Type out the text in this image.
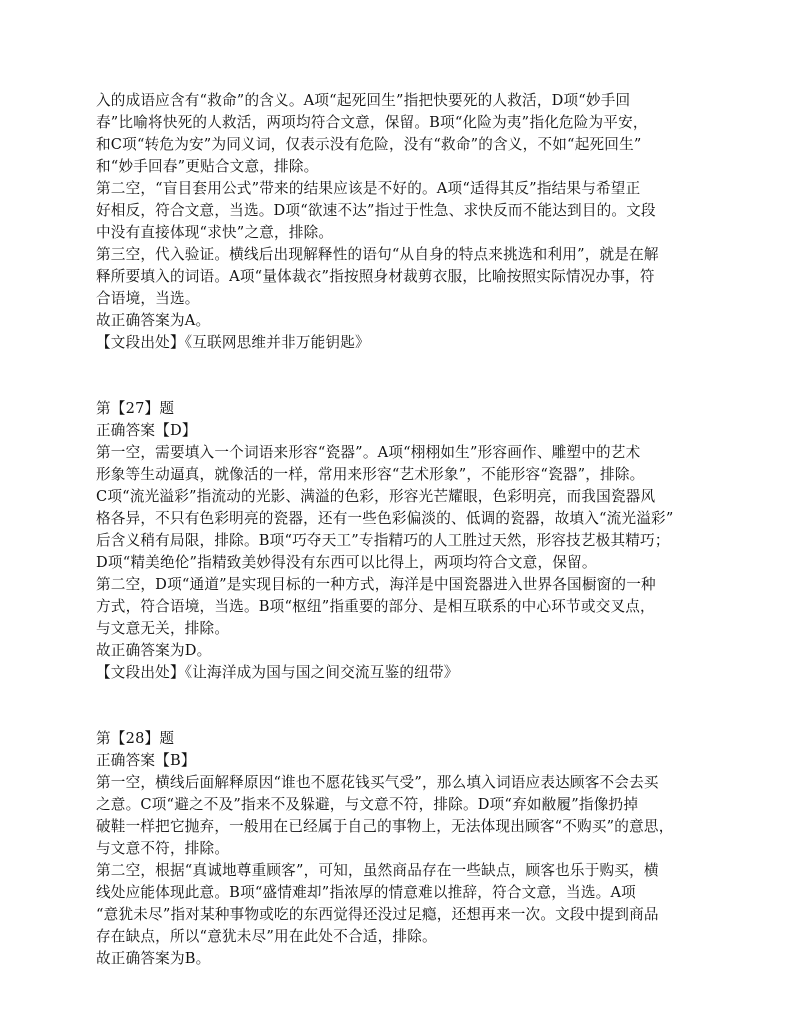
入的成语应含有“救命”的含义。A项“起死回生”指把快要死的人救活，D项“妙手回
春”比喻将快死的人救活，两项均符合文意，保留。B项“化险为夷”指化危险为平安，
和C项“转危为安”为同义词，仅表示没有危险，没有“救命”的含义，不如“起死回生”
和“妙手回春”更贴合文意，排除。
第二空，“盲目套用公式”带来的结果应该是不好的。A项“适得其反”指结果与希望正
好相反，符合文意，当选。D项“欲速不达”指过于性急、求快反而不能达到目的。文段
中没有直接体现“求快”之意，排除。
第三空，代入验证。横线后出现解释性的语句“从自身的特点来挑选和利用”，就是在解
释所要填入的词语。A项“量体裁衣”指按照身材裁剪衣服，比喻按照实际情况办事，符
合语境，当选。
故正确答案为A。
【文段出处】《互联网思维并非万能钥匙》
第【27】题
正确答案【D】
第一空，需要填入一个词语来形容“瓷器”。A项“栩栩如生”形容画作、雕塑中的艺术
形象等生动逼真，就像活的一样，常用来形容“艺术形象”，不能形容“瓷器”，排除。
C项“流光溢彩”指流动的光影、满溢的色彩，形容光芒耀眼，色彩明亮，而我国瓷器风
格各异，不只有色彩明亮的瓷器，还有一些色彩偏淡的、低调的瓷器，故填入“流光溢彩”
后含义稍有局限，排除。B项“巧夺天工”专指精巧的人工胜过天然，形容技艺极其精巧；
D项“精美绝伦”指精致美妙得没有东西可以比得上，两项均符合文意，保留。
第二空，D项“通道”是实现目标的一种方式，海洋是中国瓷器进入世界各国橱窗的一种
方式，符合语境，当选。B项“枢纽”指重要的部分、是相互联系的中心环节或交叉点，
与文意无关，排除。
故正确答案为D。
【文段出处】《让海洋成为国与国之间交流互鉴的纽带》
第【28】题
正确答案【B】
第一空，横线后面解释原因“谁也不愿花钱买气受”，那么填入词语应表达顾客不会去买
之意。C项“避之不及”指来不及躲避，与文意不符，排除。D项“弃如敝履”指像扔掉
破鞋一样把它抛弃，一般用在已经属于自己的事物上，无法体现出顾客“不购买”的意思，
与文意不符，排除。
第二空，根据“真诚地尊重顾客”，可知，虽然商品存在一些缺点，顾客也乐于购买，横
线处应能体现此意。B项“盛情难却”指浓厚的情意难以推辞，符合文意，当选。A项
“意犹未尽”指对某种事物或吃的东西觉得还没过足瘾，还想再来一次。文段中提到商品
存在缺点，所以“意犹未尽”用在此处不合适，排除。
故正确答案为B。
